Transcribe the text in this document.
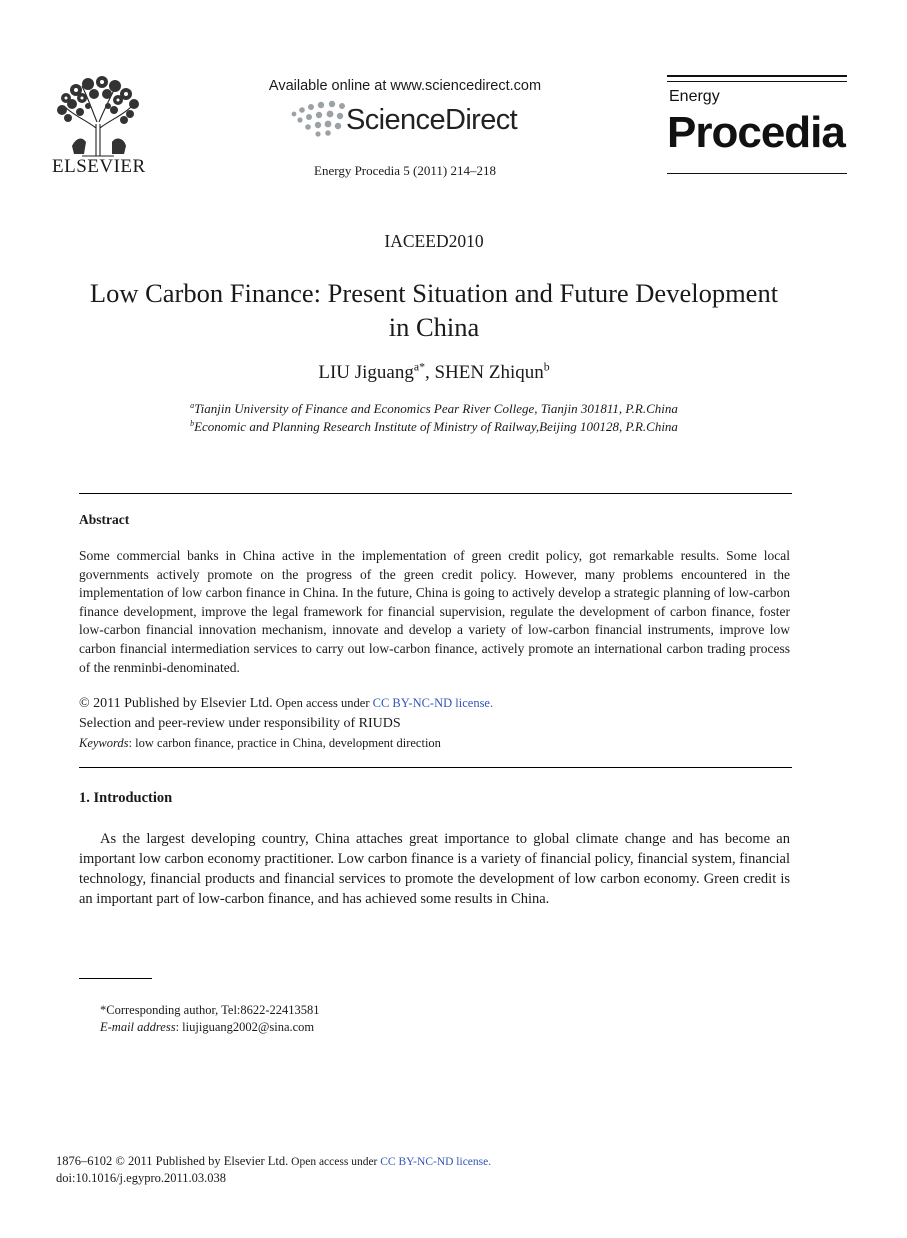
ELSEVIER
Available online at www.sciencedirect.com
ScienceDirect
Energy Procedia 5 (2011) 214–218
Energy
Procedia
IACEED2010
Low Carbon Finance: Present Situation and Future Development in China
LIU Jiguang$^{a*}$, SHEN Zhiqun$^b$
$^a$Tianjin University of Finance and Economics Pear River College, Tianjin 301811, P.R.China
$^b$Economic and Planning Research Institute of Ministry of Railway,Beijing 100128, P.R.China
Abstract
Some commercial banks in China active in the implementation of green credit policy, got remarkable results. Some local governments actively promote on the progress of the green credit policy. However, many problems encountered in the implementation of low carbon finance in China. In the future, China is going to actively develop a strategic planning of low-carbon finance development, improve the legal framework for financial supervision, regulate the development of carbon finance, foster low-carbon financial innovation mechanism, innovate and develop a variety of low-carbon financial instruments, improve low carbon financial intermediation services to carry out low-carbon finance, actively promote an international carbon trading process of the renminbi-denominated.
© 2011 Published by Elsevier Ltd. Open access under CC BY-NC-ND license.
Selection and peer-review under responsibility of RIUDS
Keywords: low carbon finance, practice in China, development direction
1. Introduction
As the largest developing country, China attaches great importance to global climate change and has become an important low carbon economy practitioner. Low carbon finance is a variety of financial policy, financial system, financial technology, financial products and financial services to promote the development of low carbon economy. Green credit is an important part of low-carbon finance, and has achieved some results in China.
*Corresponding author, Tel:8622-22413581
E-mail address: liujiguang2002@sina.com
1876–6102 © 2011 Published by Elsevier Ltd. Open access under CC BY-NC-ND license.
doi:10.1016/j.egypro.2011.03.038
